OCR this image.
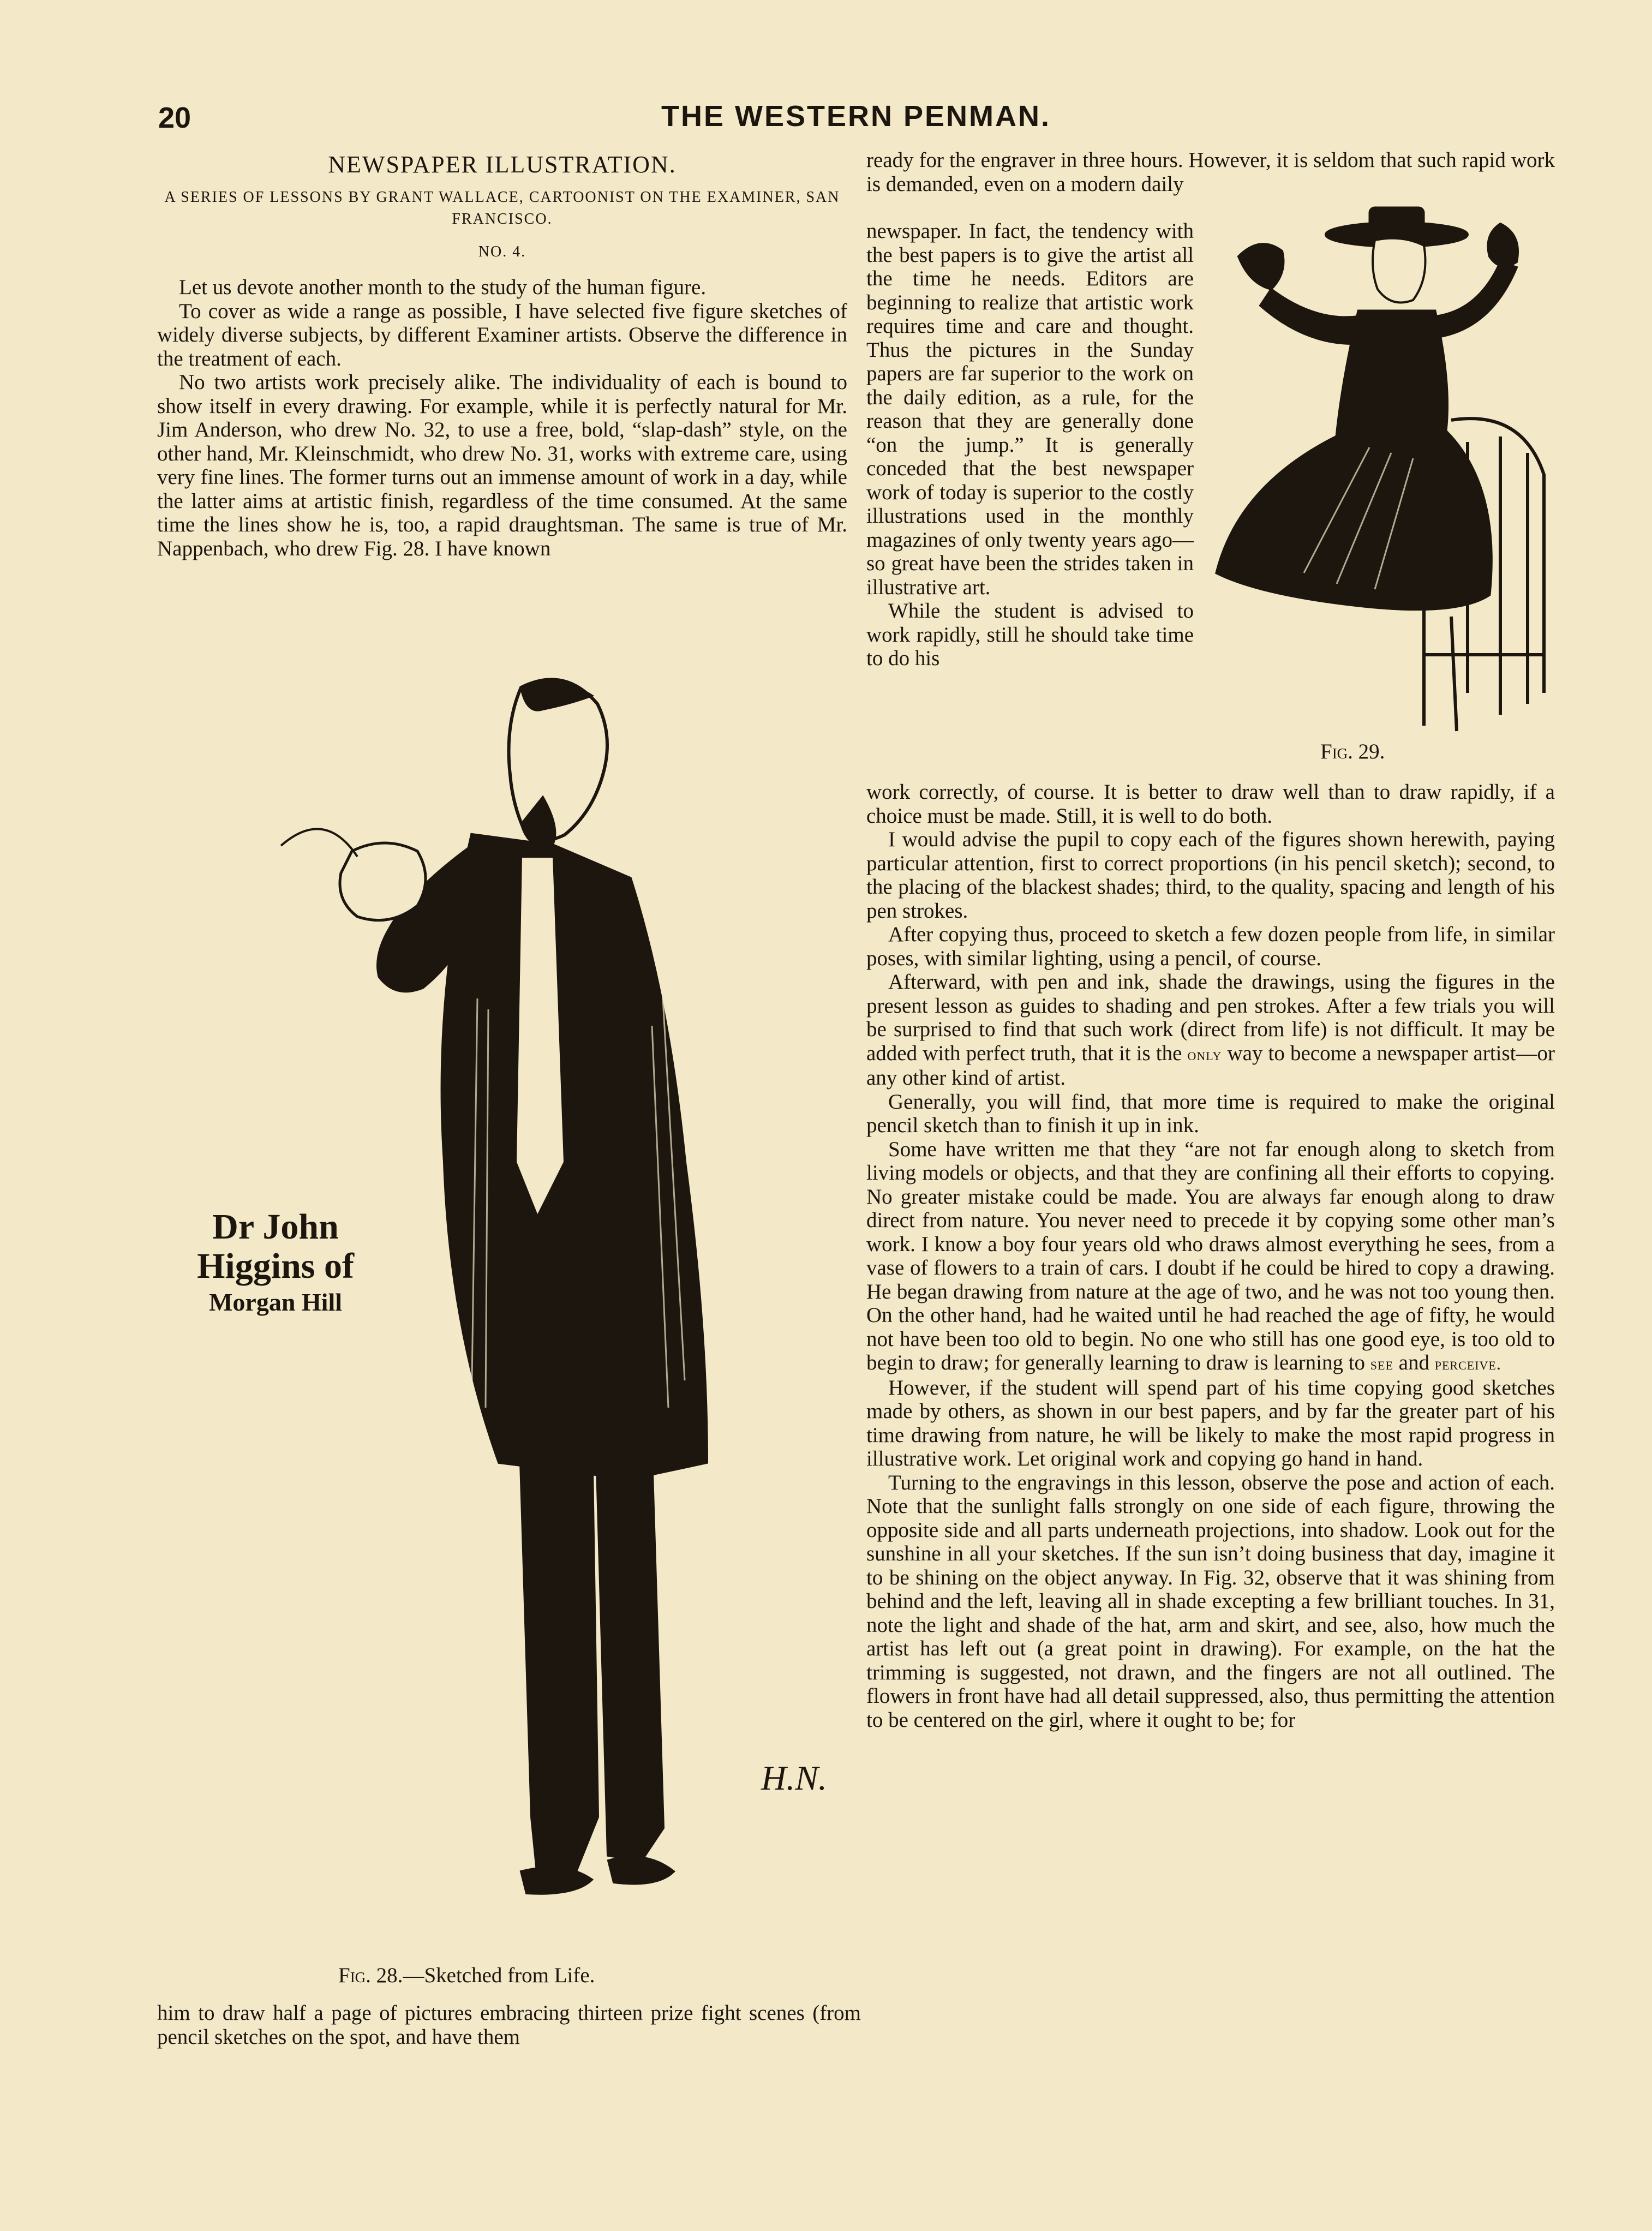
20	THE WESTERN PENMAN.
NEWSPAPER ILLUSTRATION.
A SERIES OF LESSONS BY GRANT WALLACE, CARTOONIST ON THE EXAMINER, SAN FRANCISCO.
NO. 4.

Let us devote another month to the study of the human figure.

To cover as wide a range as possible, I have selected five figure sketches of widely diverse subjects, by different Examiner artists. Observe the difference in the treatment of each.

No two artists work precisely alike. The individuality of each is bound to show itself in every drawing. For example, while it is perfectly natural for Mr. Jim Anderson, who drew No. 32, to use a free, bold, “slap-dash” style, on the other hand, Mr. Kleinschmidt, who drew No. 31, works with extreme care, using very fine lines. The former turns out an immense amount of work in a day, while the latter aims at artistic finish, regardless of the time consumed. At the same time the lines show he is, too, a rapid draughtsman. The same is true of Mr. Nappenbach, who drew Fig. 28. I have known

Dr John
Higgins of
Morgan Hill
H.N.
Fig. 28.—Sketched from Life.

him to draw half a page of pictures embracing thirteen prize fight scenes (from pencil sketches on the spot, and have them

ready for the engraver in three hours. However, it is seldom that such rapid work is demanded, even on a modern daily

newspaper. In fact, the tendency with the best papers is to give the artist all the time he needs. Editors are beginning to realize that artistic work requires time and care and thought. Thus the pictures in the Sunday papers are far superior to the work on the daily edition, as a rule, for the reason that they are generally done “on the jump.” It is generally conceded that the best newspaper work of today is superior to the costly illustrations used in the monthly magazines of only twenty years ago—so great have been the strides taken in illustrative art.

While the student is advised to work rapidly, still he should take time to do his

Fig. 29.

work correctly, of course. It is better to draw well than to draw rapidly, if a choice must be made. Still, it is well to do both.

I would advise the pupil to copy each of the figures shown herewith, paying particular attention, first to correct proportions (in his pencil sketch); second, to the placing of the blackest shades; third, to the quality, spacing and length of his pen strokes.

After copying thus, proceed to sketch a few dozen people from life, in similar poses, with similar lighting, using a pencil, of course.

Afterward, with pen and ink, shade the drawings, using the figures in the present lesson as guides to shading and pen strokes. After a few trials you will be surprised to find that such work (direct from life) is not difficult. It may be added with perfect truth, that it is the only way to become a newspaper artist—or any other kind of artist.

Generally, you will find, that more time is required to make the original pencil sketch than to finish it up in ink.

Some have written me that they “are not far enough along to sketch from living models or objects, and that they are confining all their efforts to copying. No greater mistake could be made. You are always far enough along to draw direct from nature. You never need to precede it by copying some other man’s work. I know a boy four years old who draws almost everything he sees, from a vase of flowers to a train of cars. I doubt if he could be hired to copy a drawing. He began drawing from nature at the age of two, and he was not too young then. On the other hand, had he waited until he had reached the age of fifty, he would not have been too old to begin. No one who still has one good eye, is too old to begin to draw; for generally learning to draw is learning to see and perceive.

However, if the student will spend part of his time copying good sketches made by others, as shown in our best papers, and by far the greater part of his time drawing from nature, he will be likely to make the most rapid progress in illustrative work. Let original work and copying go hand in hand.

Turning to the engravings in this lesson, observe the pose and action of each. Note that the sunlight falls strongly on one side of each figure, throwing the opposite side and all parts underneath projections, into shadow. Look out for the sunshine in all your sketches. If the sun isn’t doing business that day, imagine it to be shining on the object anyway. In Fig. 32, observe that it was shining from behind and the left, leaving all in shade excepting a few brilliant touches. In 31, note the light and shade of the hat, arm and skirt, and see, also, how much the artist has left out (a great point in drawing). For example, on the hat the trimming is suggested, not drawn, and the fingers are not all outlined. The flowers in front have had all detail suppressed, also, thus permitting the attention to be centered on the girl, where it ought to be; for
